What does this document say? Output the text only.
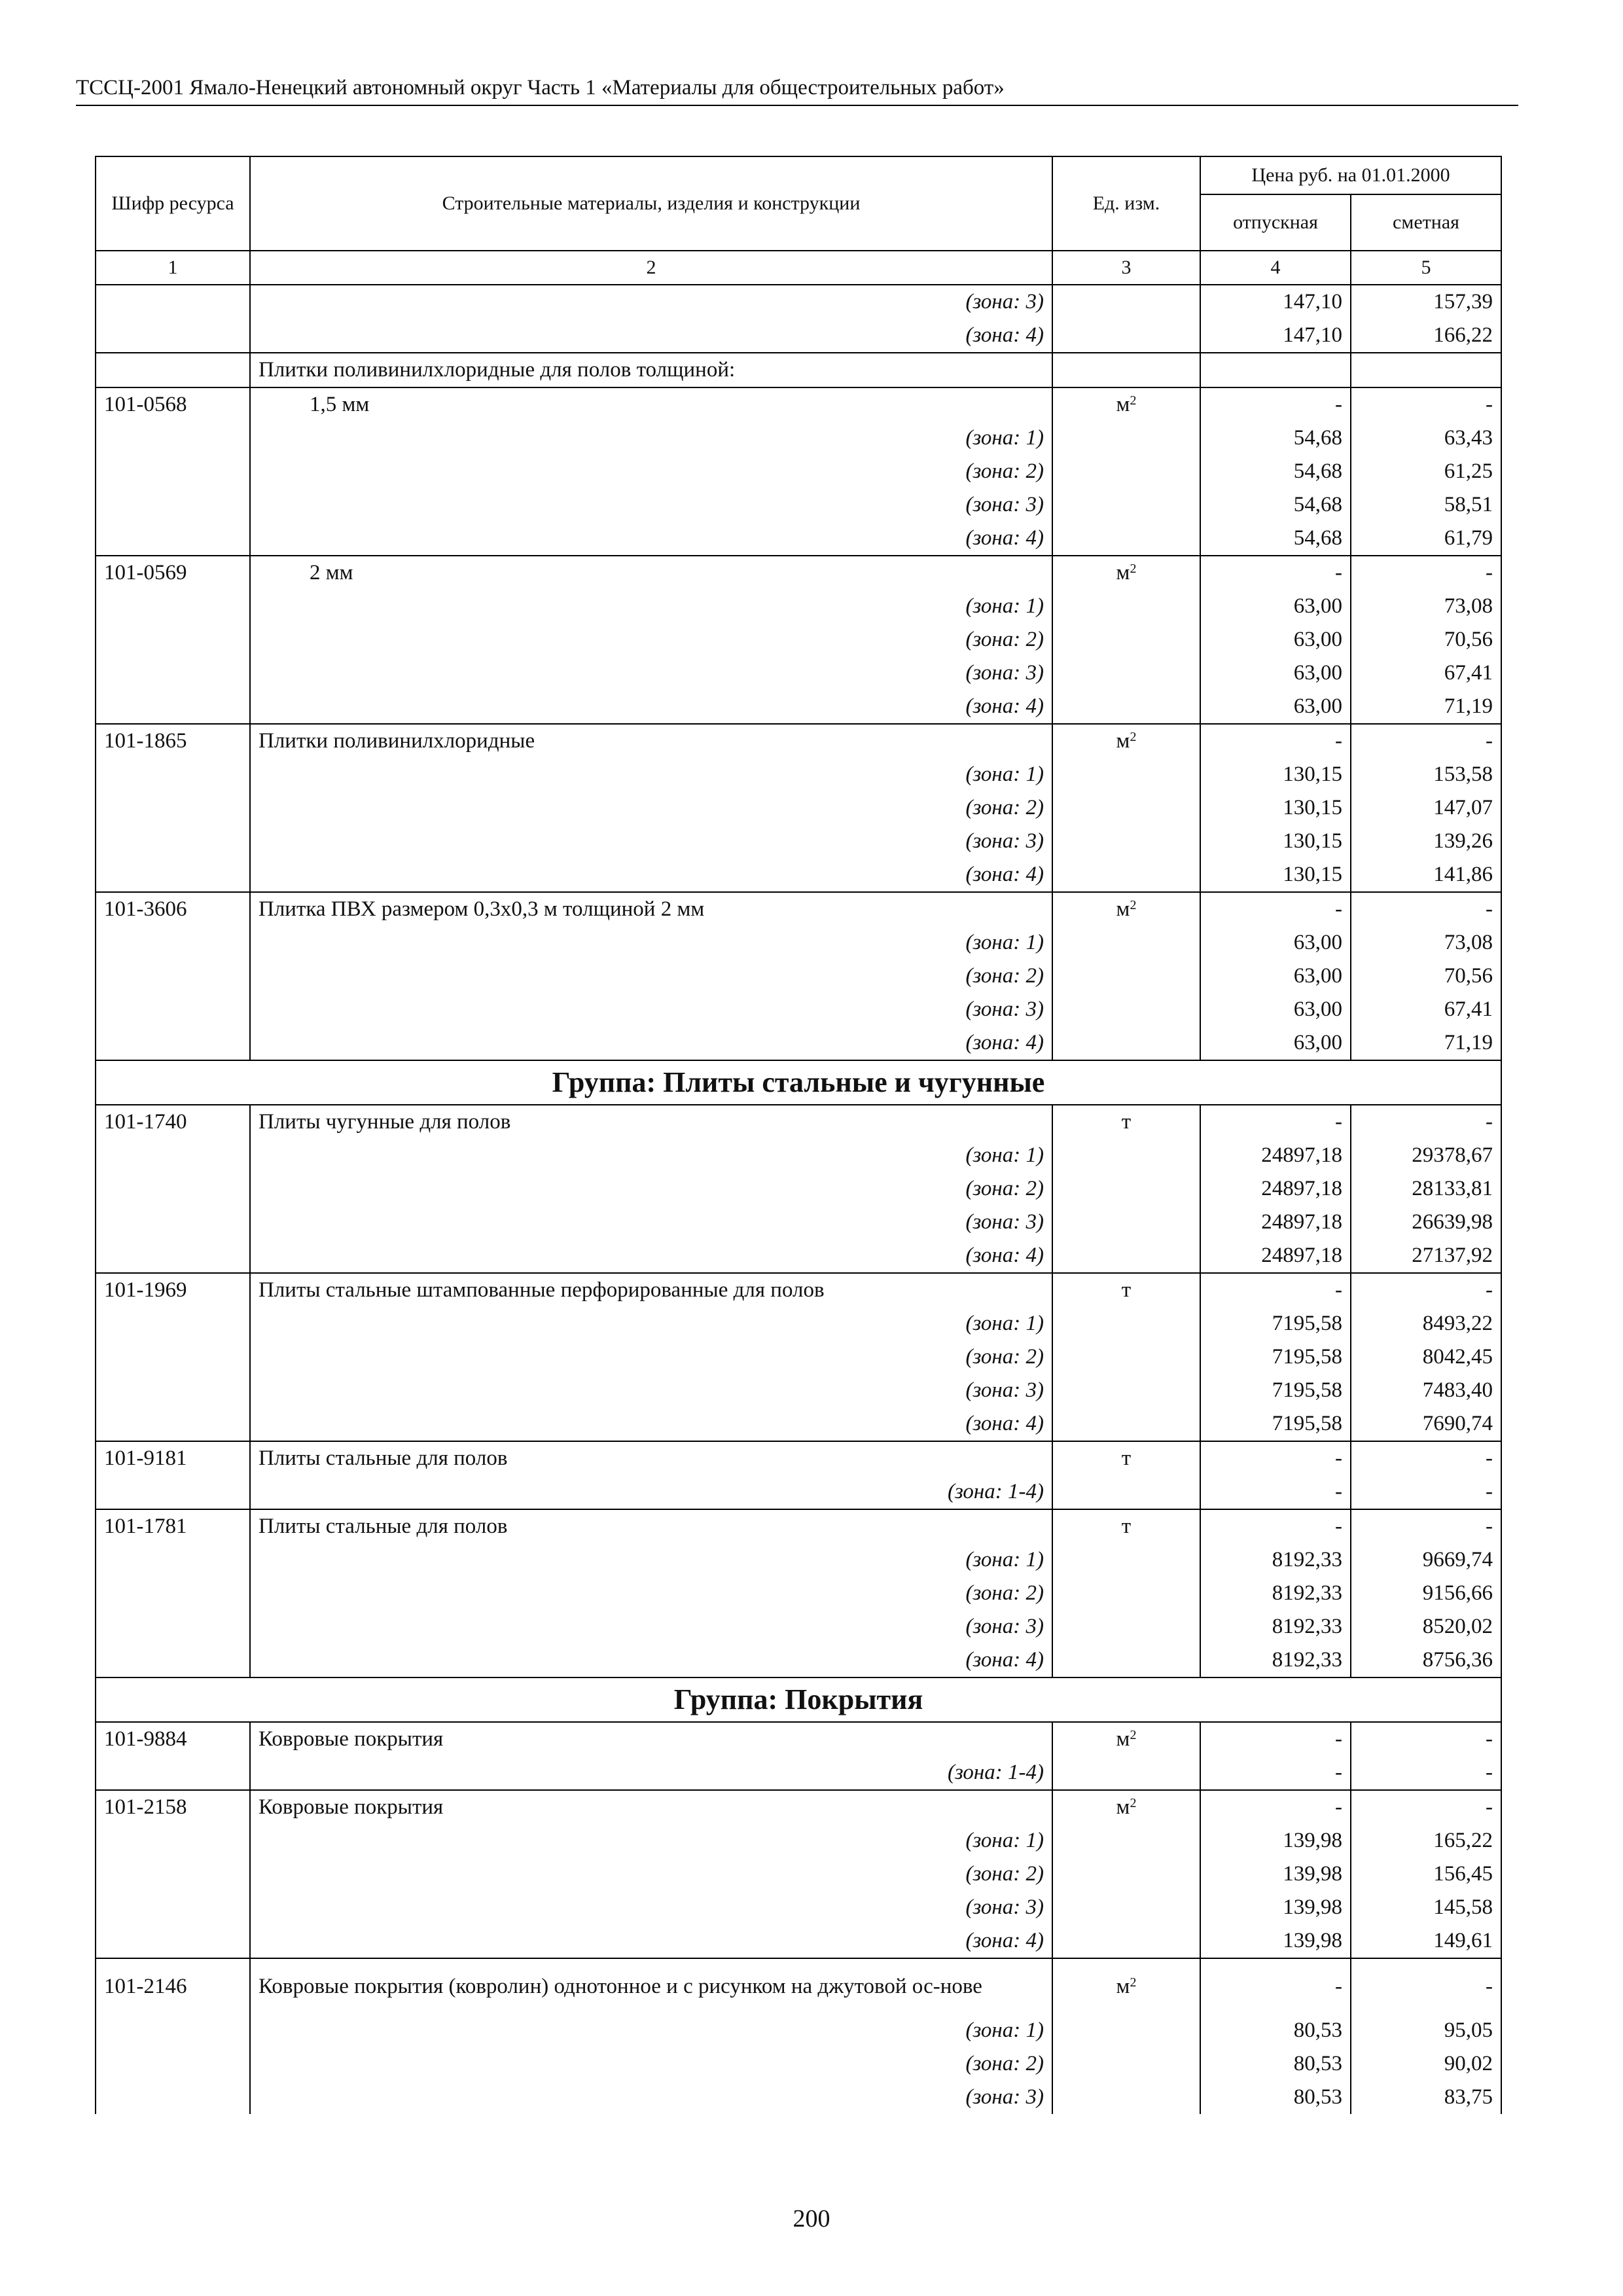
ТССЦ-2001 Ямало-Ненецкий автономный округ Часть 1 «Материалы для общестроительных работ»
Шифр ресурса	Строительные материалы, изделия и конструкции	Ед. изм.	Цена руб. на 01.01.2000	
			отпускная	сметная
1	2	3	4	5
	(зона: 3)		147,10	157,39
	(зона: 4)		147,10	166,22
	Плитки поливинилхлоридные для полов толщиной:			
101-0568	1,5 мм	$м^2$	-	-
	(зона: 1)		54,68	63,43
	(зона: 2)		54,68	61,25
	(зона: 3)		54,68	58,51
	(зона: 4)		54,68	61,79
101-0569	2 мм	$м^2$	-	-
	(зона: 1)		63,00	73,08
	(зона: 2)		63,00	70,56
	(зона: 3)		63,00	67,41
	(зона: 4)		63,00	71,19
101-1865	Плитки поливинилхлоридные	$м^2$	-	-
	(зона: 1)		130,15	153,58
	(зона: 2)		130,15	147,07
	(зона: 3)		130,15	139,26
	(зона: 4)		130,15	141,86
101-3606	Плитка ПВХ размером 0,3х0,3 м толщиной 2 мм	$м^2$	-	-
	(зона: 1)		63,00	73,08
	(зона: 2)		63,00	70,56
	(зона: 3)		63,00	67,41
	(зона: 4)		63,00	71,19
Группа: Плиты стальные и чугунные				
101-1740	Плиты чугунные для полов	т	-	-
	(зона: 1)		24897,18	29378,67
	(зона: 2)		24897,18	28133,81
	(зона: 3)		24897,18	26639,98
	(зона: 4)		24897,18	27137,92
101-1969	Плиты стальные штампованные перфорированные для полов	т	-	-
	(зона: 1)		7195,58	8493,22
	(зона: 2)		7195,58	8042,45
	(зона: 3)		7195,58	7483,40
	(зона: 4)		7195,58	7690,74
101-9181	Плиты стальные для полов	т	-	-
	(зона: 1-4)		-	-
101-1781	Плиты стальные для полов	т	-	-
	(зона: 1)		8192,33	9669,74
	(зона: 2)		8192,33	9156,66
	(зона: 3)		8192,33	8520,02
	(зона: 4)		8192,33	8756,36
Группа: Покрытия				
101-9884	Ковровые покрытия	$м^2$	-	-
	(зона: 1-4)		-	-
101-2158	Ковровые покрытия	$м^2$	-	-
	(зона: 1)		139,98	165,22
	(зона: 2)		139,98	156,45
	(зона: 3)		139,98	145,58
	(зона: 4)		139,98	149,61
101-2146	Ковровые покрытия (ковролин) однотонное и с рисунком на джутовой ос-нове	$м^2$	-	-
	(зона: 1)		80,53	95,05
	(зона: 2)		80,53	90,02
	(зона: 3)		80,53	83,75
200
